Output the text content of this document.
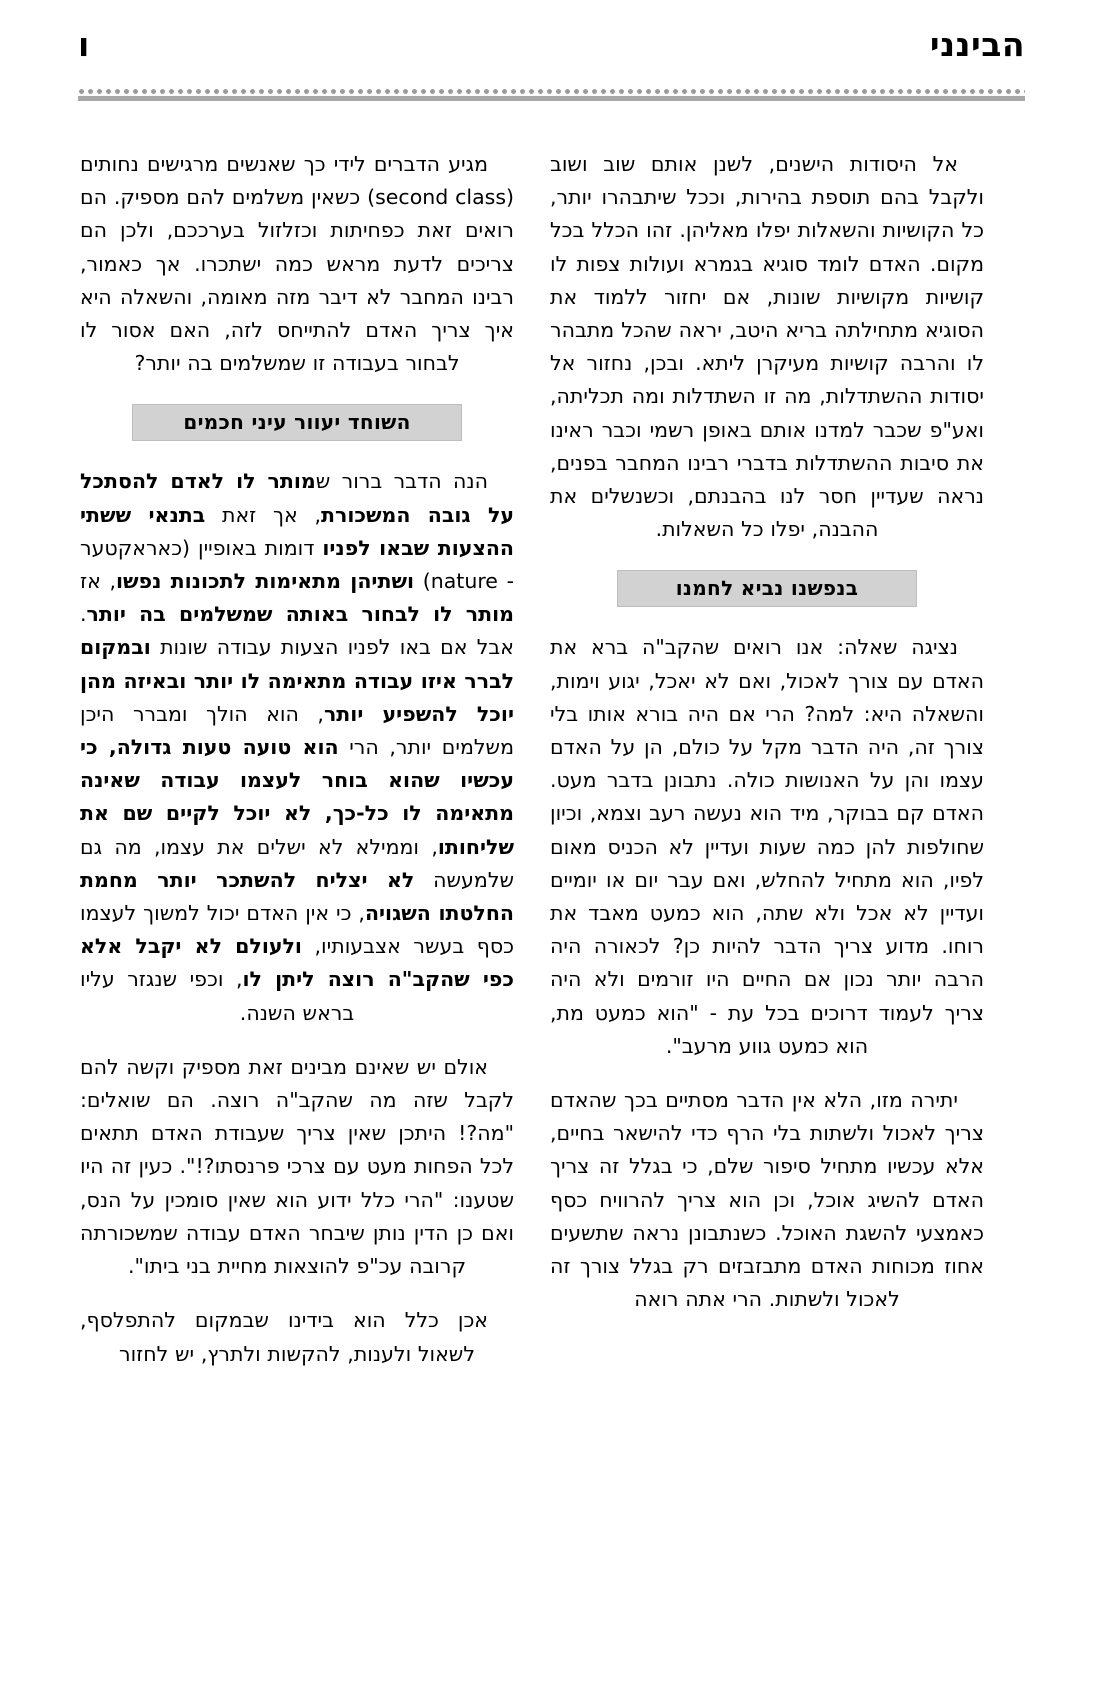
ו	הבינני

מגיע הדברים לידי כך שאנשים מרגישים נחותים (second class) כשאין משלמים להם מספיק. הם רואים זאת כפחיתות וכזלזול בערככם, ולכן הם צריכים לדעת מראש כמה ישתכרו. אך כאמור, רבינו המחבר לא דיבר מזה מאומה, והשאלה היא איך צריך האדם להתייחס לזה, האם אסור לו לבחור בעבודה זו שמשלמים בה יותר?

השוחד יעוור עיני חכמים

הנה הדבר ברור שמותר לו לאדם להסתכל על גובה המשכורת, אך זאת בתנאי ששתי ההצעות שבאו לפניו דומות באופיין (כאראקטער - nature) ושתיהן מתאימות לתכונות נפשו, אז מותר לו לבחור באותה שמשלמים בה יותר. אבל אם באו לפניו הצעות עבודה שונות ובמקום לברר איזו עבודה מתאימה לו יותר ובאיזה מהן יוכל להשפיע יותר, הוא הולך ומברר היכן משלמים יותר, הרי הוא טועה טעות גדולה, כי עכשיו שהוא בוחר לעצמו עבודה שאינה מתאימה לו כל-כך, לא יוכל לקיים שם את שליחותו, וממילא לא ישלים את עצמו, מה גם שלמעשה לא יצליח להשתכר יותר מחמת החלטתו השגויה, כי אין האדם יכול למשוך לעצמו כסף בעשר אצבעותיו, ולעולם לא יקבל אלא כפי שהקב"ה רוצה ליתן לו, וכפי שנגזר עליו בראש השנה.

אולם יש שאינם מבינים זאת מספיק וקשה להם לקבל שזה מה שהקב"ה רוצה. הם שואלים: "מה?! היתכן שאין צריך שעבודת האדם תתאים לכל הפחות מעט עם צרכי פרנסתו?!". כעין זה היו שטענו: "הרי כלל ידוע הוא שאין סומכין על הנס, ואם כן הדין נותן שיבחר האדם עבודה שמשכורתה קרובה עכ"פ להוצאות מחיית בני ביתו".

אכן כלל הוא בידינו שבמקום להתפלסף, לשאול ולענות, להקשות ולתרץ, יש לחזור

אל היסודות הישנים, לשנן אותם שוב ושוב ולקבל בהם תוספת בהירות, וככל שיתבהרו יותר, כל הקושיות והשאלות יפלו מאליהן. זהו הכלל בכל מקום. האדם לומד סוגיא בגמרא ועולות צפות לו קושיות מקושיות שונות, אם יחזור ללמוד את הסוגיא מתחילתה בריא היטב, יראה שהכל מתבהר לו והרבה קושיות מעיקרן ליתא. ובכן, נחזור אל יסודות ההשתדלות, מה זו השתדלות ומה תכליתה, ואע"פ שכבר למדנו אותם באופן רשמי וכבר ראינו את סיבות ההשתדלות בדברי רבינו המחבר בפנים, נראה שעדיין חסר לנו בהבנתם, וכשנשלים את ההבנה, יפלו כל השאלות.

בנפשנו נביא לחמנו

נציגה שאלה: אנו רואים שהקב"ה ברא את האדם עם צורך לאכול, ואם לא יאכל, יגוע וימות, והשאלה היא: למה? הרי אם היה בורא אותו בלי צורך זה, היה הדבר מקל על כולם, הן על האדם עצמו והן על האנושות כולה. נתבונן בדבר מעט. האדם קם בבוקר, מיד הוא נעשה רעב וצמא, וכיון שחולפות להן כמה שעות ועדיין לא הכניס מאום לפיו, הוא מתחיל להחלש, ואם עבר יום או יומיים ועדיין לא אכל ולא שתה, הוא כמעט מאבד את רוחו. מדוע צריך הדבר להיות כן? לכאורה היה הרבה יותר נכון אם החיים היו זורמים ולא היה צריך לעמוד דרוכים בכל עת - "הוא כמעט מת, הוא כמעט גווע מרעב".

יתירה מזו, הלא אין הדבר מסתיים בכך שהאדם צריך לאכול ולשתות בלי הרף כדי להישאר בחיים, אלא עכשיו מתחיל סיפור שלם, כי בגלל זה צריך האדם להשיג אוכל, וכן הוא צריך להרוויח כסף כאמצעי להשגת האוכל. כשנתבונן נראה שתשעים אחוז מכוחות האדם מתבזבזים רק בגלל צורך זה לאכול ולשתות. הרי אתה רואה
